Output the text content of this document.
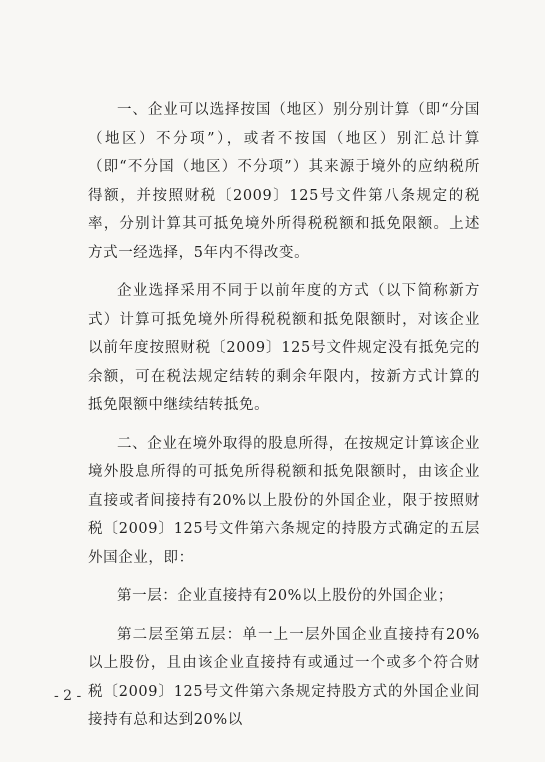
一、企业可以选择按国（地区）别分别计算（即“分国（地区）不分项”），或者不按国（地区）别汇总计算（即“不分国（地区）不分项”）其来源于境外的应纳税所得额，并按照财税〔2009〕125号文件第八条规定的税率，分别计算其可抵免境外所得税税额和抵免限额。上述方式一经选择，5年内不得改变。

企业选择采用不同于以前年度的方式（以下简称新方式）计算可抵免境外所得税税额和抵免限额时，对该企业以前年度按照财税〔2009〕125号文件规定没有抵免完的余额，可在税法规定结转的剩余年限内，按新方式计算的抵免限额中继续结转抵免。

二、企业在境外取得的股息所得，在按规定计算该企业境外股息所得的可抵免所得税额和抵免限额时，由该企业直接或者间接持有20%以上股份的外国企业，限于按照财税〔2009〕125号文件第六条规定的持股方式确定的五层外国企业，即：

第一层：企业直接持有20%以上股份的外国企业；

第二层至第五层：单一上一层外国企业直接持有20%以上股份，且由该企业直接持有或通过一个或多个符合财税〔2009〕125号文件第六条规定持股方式的外国企业间接持有总和达到20%以

- 2 -
